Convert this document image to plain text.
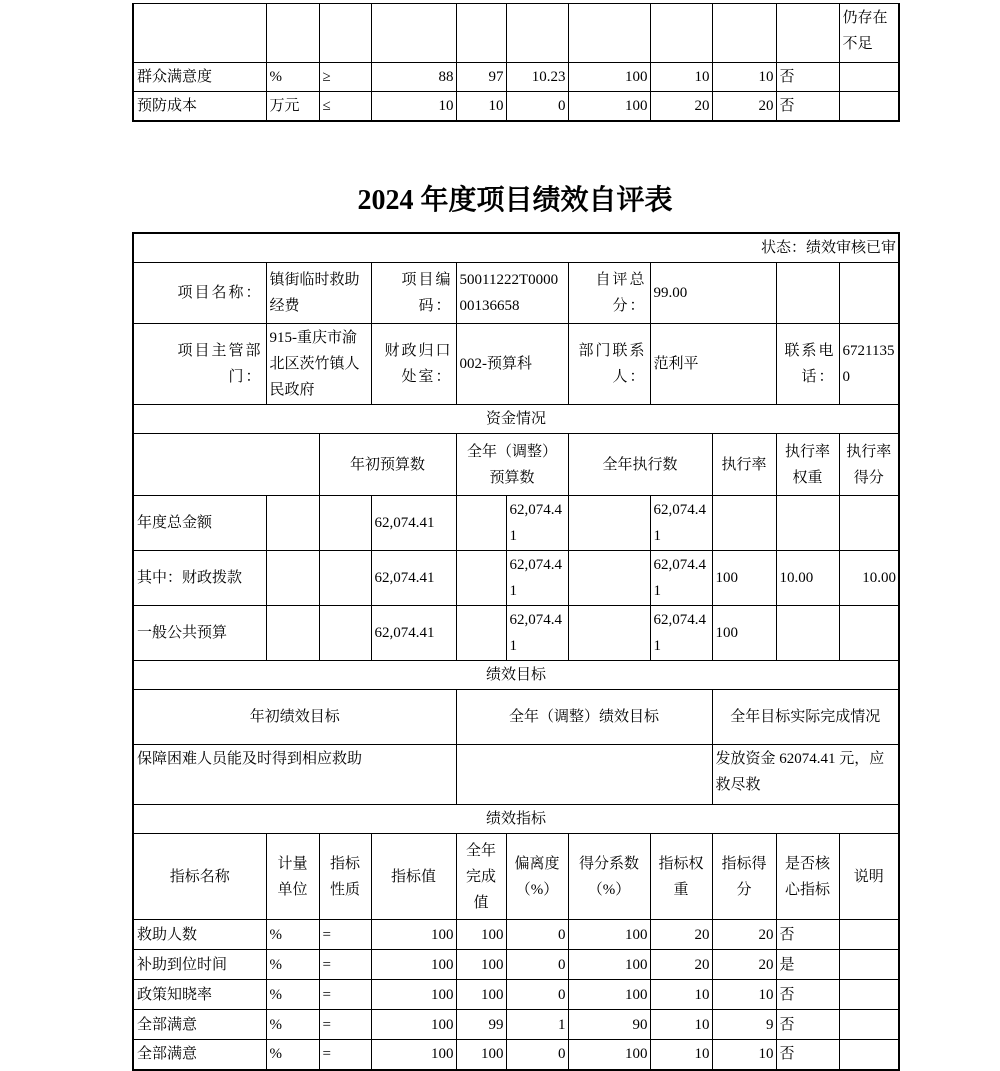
										仍存在不足
群众满意度	%	≥	88	97	10.23	100	10	10	否	
预防成本	万元	≤	10	10	0	100	20	20	否	
2024 年度项目绩效自评表
状态：绩效审核已审										
项目名称：	镇街临时救助经费		项目编码：	50011222T000000136658		自评总分：	99.00			
项目主管部门：	915-重庆市渝北区茨竹镇人民政府		财政归口处室：	002-预算科		部门联系人：	范利平		联系电话：	67211350
资金情况										
		年初预算数		全年（调整）预算数		全年执行数		执行率	执行率权重	执行率得分
年度总金额			62,074.41		62,074.41		62,074.41			
其中：财政拨款			62,074.41		62,074.41		62,074.41	100	10.00	10.00
一般公共预算			62,074.41		62,074.41		62,074.41	100		
绩效目标										
年初绩效目标				全年（调整）绩效目标				全年目标实际完成情况		
保障困难人员能及时得到相应救助								发放资金 62074.41 元，应救尽救		
绩效指标										
指标名称	计量单位	指标性质	指标值	全年完成值	偏离度（%）	得分系数（%）	指标权重	指标得分	是否核心指标	说明
救助人数	%	=	100	100	0	100	20	20	否	
补助到位时间	%	=	100	100	0	100	20	20	是	
政策知晓率	%	=	100	100	0	100	10	10	否	
全部满意	%	=	100	99	1	90	10	9	否	
全部满意	%	=	100	100	0	100	10	10	否	
